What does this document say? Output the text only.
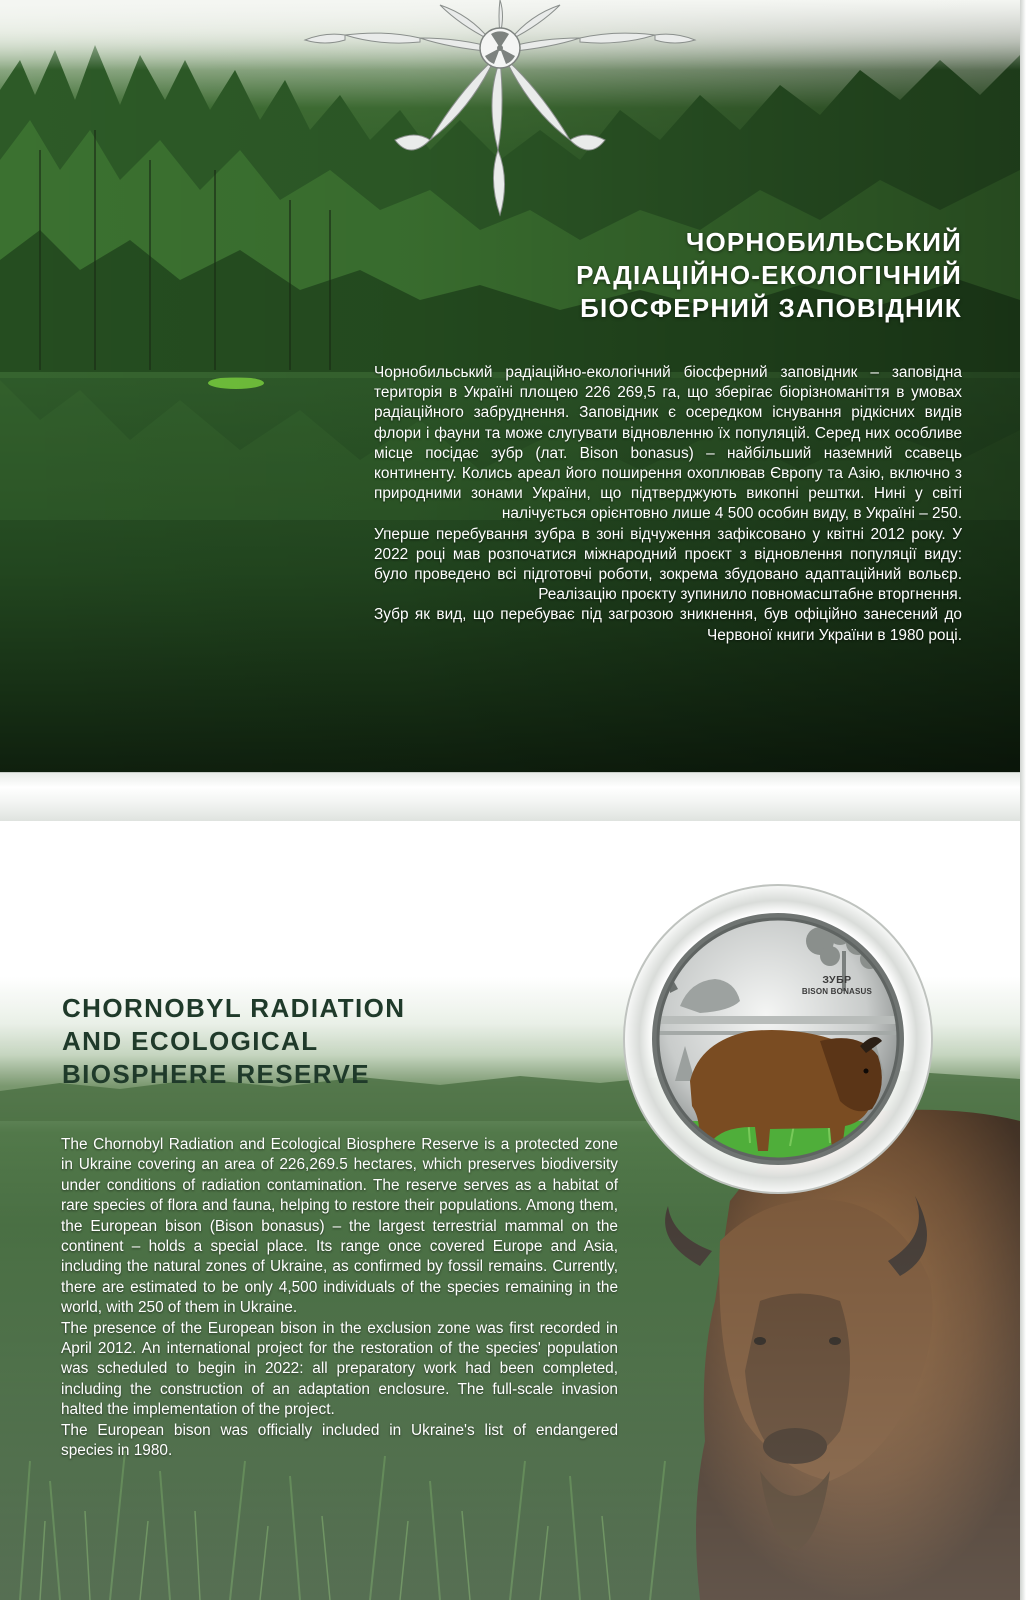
ЧОРНОБИЛЬСЬКИЙ
РАДІАЦІЙНО-ЕКОЛОГІЧНИЙ
БІОСФЕРНИЙ ЗАПОВІДНИК

Чорнобильський радіаційно-екологічний біосферний заповідник – заповідна територія в Україні площею 226 269,5 га, що зберігає біорізноманіття в умовах радіаційного забруднення. Заповідник є осередком існування рідкісних видів флори і фауни та може слугувати відновленню їх популяцій. Серед них особливе місце посідає зубр (лат. Bison bonasus) – найбільший наземний ссавець континенту. Колись ареал його поширення охоплював Європу та Азію, включно з природними зонами України, що підтверджують викопні рештки. Нині у світі налічується орієнтовно лише 4 500 особин виду, в Україні – 250.

Уперше перебування зубра в зоні відчуження зафіксовано у квітні 2012 року. У 2022 році мав розпочатися міжнародний проєкт з відновлення популяції виду: було проведено всі підготовчі роботи, зокрема збудовано адаптаційний вольєр. Реалізацію проєкту зупинило повномасштабне вторгнення.

Зубр як вид, що перебуває під загрозою зникнення, був офіційно занесений до Червоної книги України в 1980 році.

ЗУБР
BISON BONASUS
CHORNOBYL RADIATION
AND ECOLOGICAL
BIOSPHERE RESERVE

The Chornobyl Radiation and Ecological Biosphere Reserve is a protected zone in Ukraine covering an area of 226,269.5 hectares, which preserves biodiversity under conditions of radiation contamination. The reserve serves as a habitat of rare species of flora and fauna, helping to restore their populations. Among them, the European bison (Bison bonasus) – the largest terrestrial mammal on the continent – holds a special place. Its range once covered Europe and Asia, including the natural zones of Ukraine, as confirmed by fossil remains. Currently, there are estimated to be only 4,500 individuals of the species remaining in the world, with 250 of them in Ukraine.

The presence of the European bison in the exclusion zone was first recorded in April 2012. An international project for the restoration of the species' population was scheduled to begin in 2022: all preparatory work had been completed, including the construction of an adaptation enclosure. The full-scale invasion halted the implementation of the project.

The European bison was officially included in Ukraine's list of endangered species in 1980.
